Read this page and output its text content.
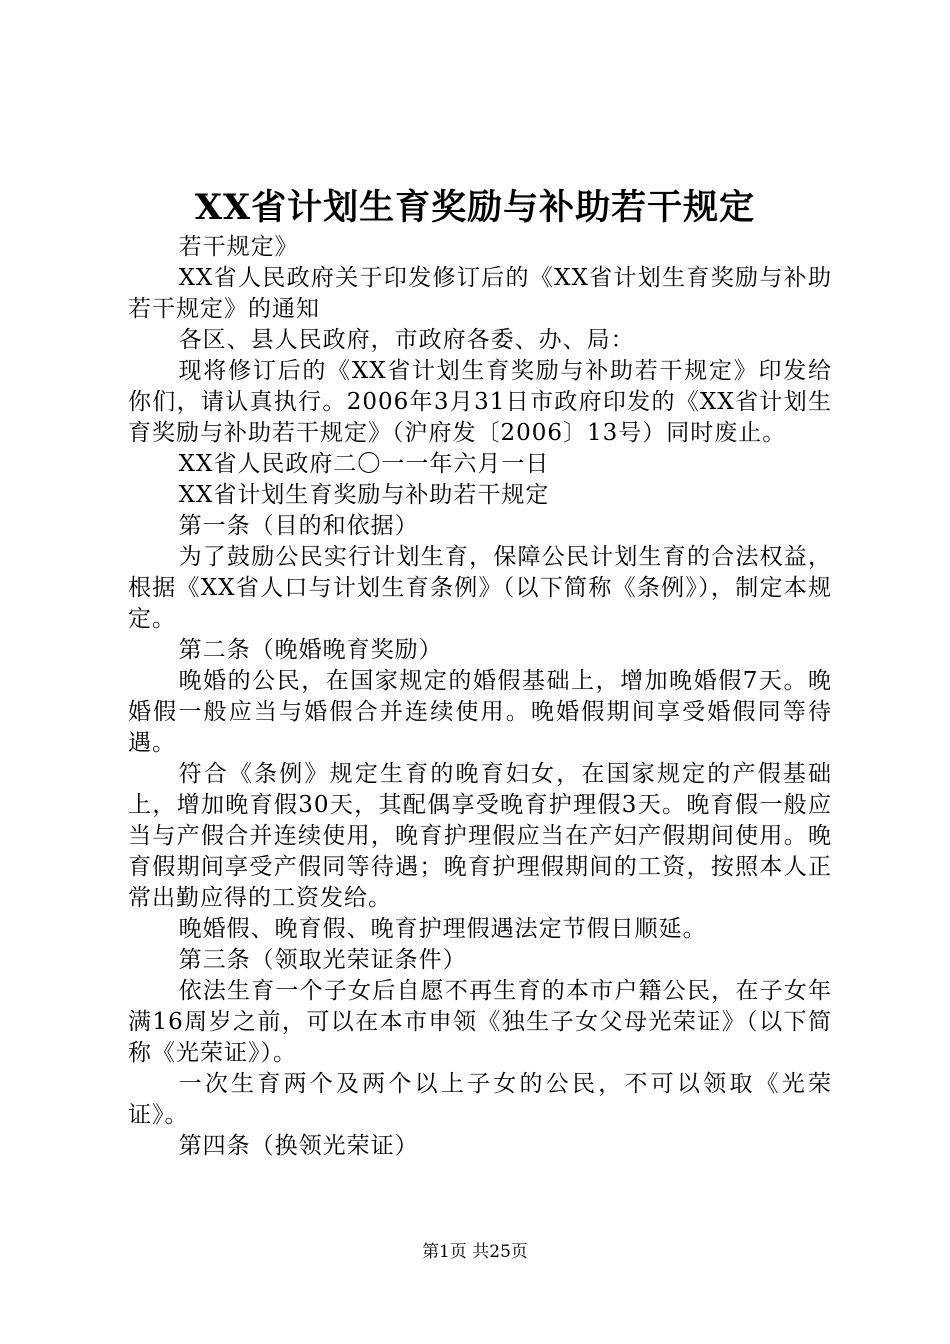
XX省计划生育奖励与补助若干规定

若干规定》

XX省人民政府关于印发修订后的《XX省计划生育奖励与补助若干规定》的通知

各区、县人民政府，市政府各委、办、局：

现将修订后的《XX省计划生育奖励与补助若干规定》印发给你们，请认真执行。2006年3月31日市政府印发的《XX省计划生育奖励与补助若干规定》（沪府发〔2006〕13号）同时废止。

XX省人民政府二〇一一年六月一日

XX省计划生育奖励与补助若干规定

第一条（目的和依据）

为了鼓励公民实行计划生育，保障公民计划生育的合法权益，根据《XX省人口与计划生育条例》（以下简称《条例》），制定本规定。

第二条（晚婚晚育奖励）

晚婚的公民，在国家规定的婚假基础上，增加晚婚假7天。晚婚假一般应当与婚假合并连续使用。晚婚假期间享受婚假同等待遇。

符合《条例》规定生育的晚育妇女，在国家规定的产假基础上，增加晚育假30天，其配偶享受晚育护理假3天。晚育假一般应当与产假合并连续使用，晚育护理假应当在产妇产假期间使用。晚育假期间享受产假同等待遇；晚育护理假期间的工资，按照本人正常出勤应得的工资发给。

晚婚假、晚育假、晚育护理假遇法定节假日顺延。

第三条（领取光荣证条件）

依法生育一个子女后自愿不再生育的本市户籍公民，在子女年满16周岁之前，可以在本市申领《独生子女父母光荣证》（以下简称《光荣证》）。

一次生育两个及两个以上子女的公民，不可以领取《光荣证》。

第四条（换领光荣证）

第1页 共25页
